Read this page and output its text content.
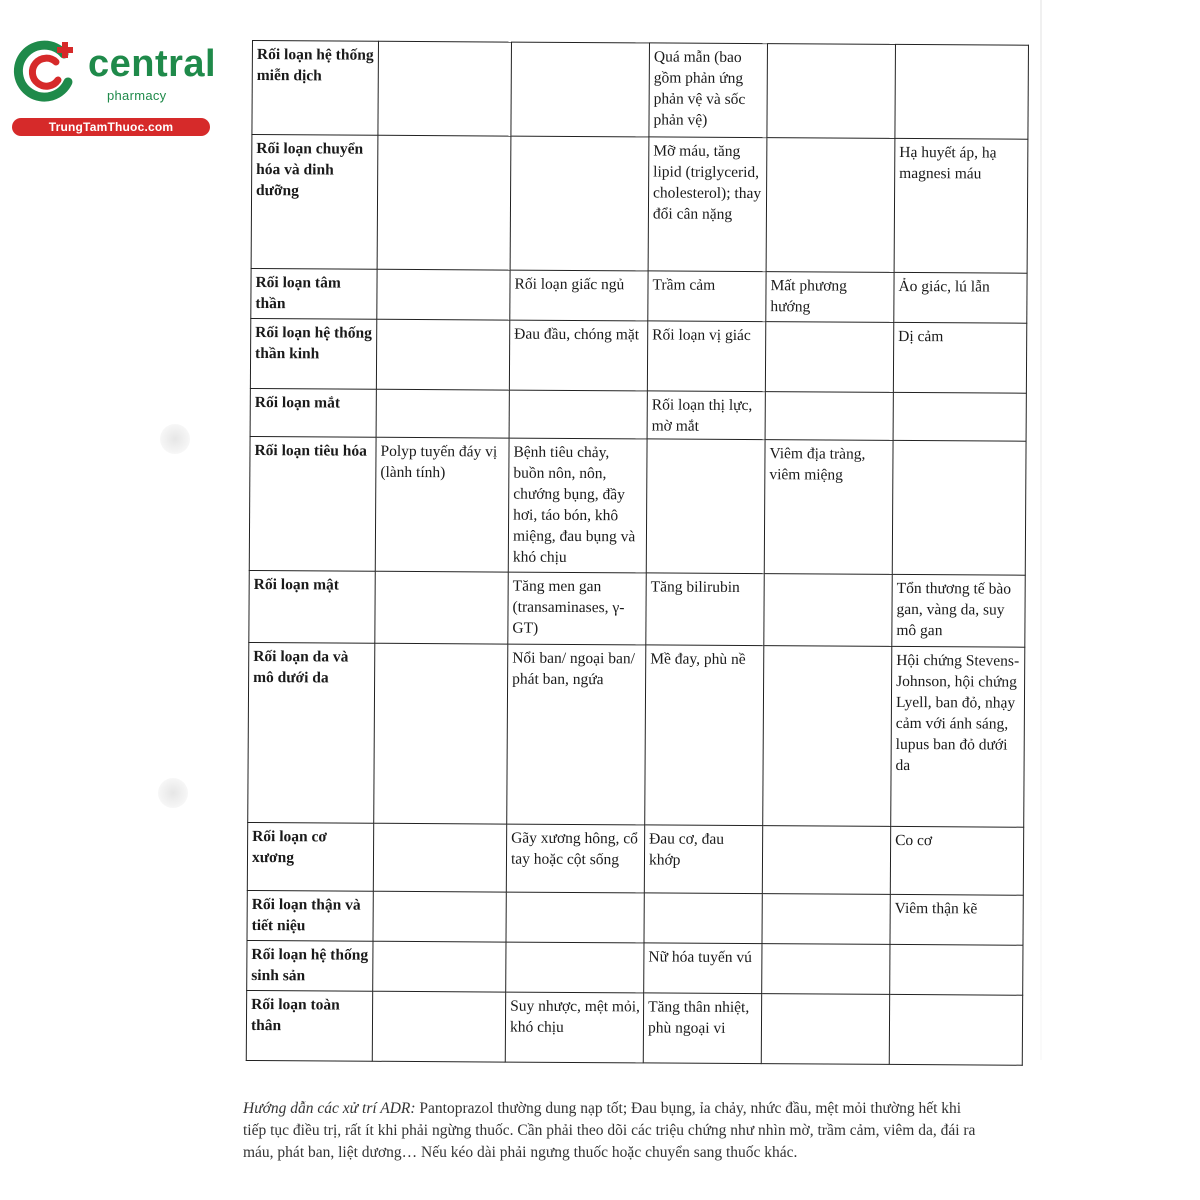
central
pharmacy
TrungTamThuoc.com
Rối loạn hệ thống miễn dịch			Quá mẫn (bao gồm phản ứng phản vệ và sốc phản vệ)		
Rối loạn chuyển hóa và dinh dưỡng			Mỡ máu, tăng lipid (triglycerid, cholesterol); thay đổi cân nặng		Hạ huyết áp, hạ magnesi máu
Rối loạn tâm thần		Rối loạn giấc ngủ	Trầm cảm	Mất phương hướng	Ảo giác, lú lẫn
Rối loạn hệ thống thần kinh		Đau đầu, chóng mặt	Rối loạn vị giác		Dị cảm
Rối loạn mắt			Rối loạn thị lực, mờ mắt		
Rối loạn tiêu hóa	Polyp tuyến đáy vị (lành tính)	Bệnh tiêu chảy, buồn nôn, nôn, chướng bụng, đầy hơi, táo bón, khô miệng, đau bụng và khó chịu		Viêm địa tràng, viêm miệng	
Rối loạn mật		Tăng men gan (transaminases, γ-GT)	Tăng bilirubin		Tổn thương tế bào gan, vàng da, suy mô gan
Rối loạn da và mô dưới da		Nổi ban/ ngoại ban/ phát ban, ngứa	Mề đay, phù nề		Hội chứng Stevens-Johnson, hội chứng Lyell, ban đỏ, nhạy cảm với ánh sáng, lupus ban đỏ dưới da
Rối loạn cơ xương		Gãy xương hông, cổ tay hoặc cột sống	Đau cơ, đau khớp		Co cơ
Rối loạn thận và tiết niệu					Viêm thận kẽ
Rối loạn hệ thống sinh sản			Nữ hóa tuyến vú		
Rối loạn toàn thân		Suy nhược, mệt mỏi, khó chịu	Tăng thân nhiệt, phù ngoại vi		

Hướng dẫn các xử trí ADR: Pantoprazol thường dung nạp tốt; Đau bụng, ỉa chảy, nhức đầu, mệt mỏi thường hết khi tiếp tục điều trị, rất ít khi phải ngừng thuốc. Cần phải theo dõi các triệu chứng như nhìn mờ, trầm cảm, viêm da, đái ra máu, phát ban, liệt dương… Nếu kéo dài phải ngưng thuốc hoặc chuyển sang thuốc khác.
